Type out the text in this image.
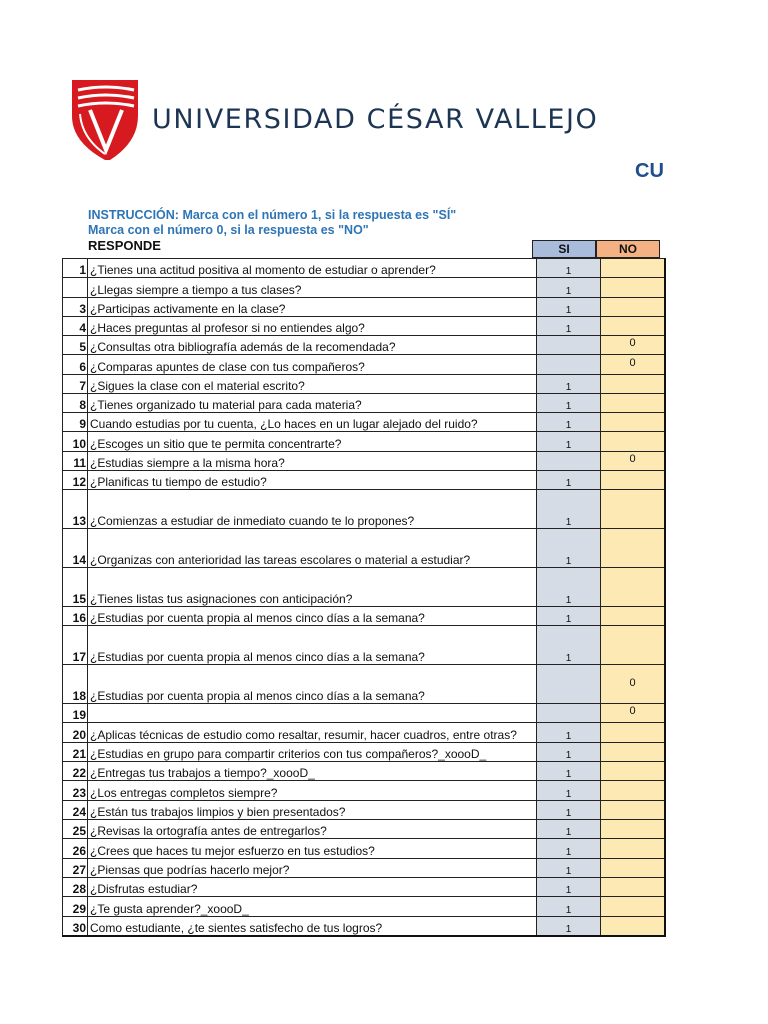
UNIVERSIDAD CÉSAR VALLEJO
CU
INSTRUCCIÓN: Marca con el número 1, si la respuesta es "SÍ"
Marca con el número 0, si la respuesta es "NO"
RESPONDE	SI	NO
1	¿Tienes una actitud positiva al momento de estudiar o aprender?	1	
	¿Llegas siempre a tiempo a tus clases?	1	
3	¿Participas activamente en la clase?	1	
4	¿Haces preguntas al profesor si no entiendes algo?	1	
5	¿Consultas otra bibliografía además de la recomendada?		0
6	¿Comparas apuntes de clase con tus compañeros?		0
7	¿Sigues la clase con el material escrito?	1	
8	¿Tienes organizado tu material para cada materia?	1	
9	Cuando estudias por tu cuenta, ¿Lo haces en un lugar alejado del ruido?	1	
10	¿Escoges un sitio que te permita concentrarte?	1	
11	¿Estudias siempre a la misma hora?		0
12	¿Planificas tu tiempo de estudio?	1	
13	¿Comienzas a estudiar de inmediato cuando te lo propones?	1	
14	¿Organizas con anterioridad las tareas escolares o material a estudiar?	1	
15	¿Tienes listas tus asignaciones con anticipación?	1	
16	¿Estudias por cuenta propia al menos cinco días a la semana?	1	
17	¿Estudias por cuenta propia al menos cinco días a la semana?	1	
18	¿Estudias por cuenta propia al menos cinco días a la semana?		0
19			0
20	¿Aplicas técnicas de estudio como resaltar, resumir, hacer cuadros, entre otras?	1	
21	¿Estudias en grupo para compartir criterios con tus compañeros?_xoooD_	1	
22	¿Entregas tus trabajos a tiempo?_xoooD_	1	
23	¿Los entregas completos siempre?	1	
24	¿Están tus trabajos limpios y bien presentados?	1	
25	¿Revisas la ortografía antes de entregarlos?	1	
26	¿Crees que haces tu mejor esfuerzo en tus estudios?	1	
27	¿Piensas que podrías hacerlo mejor?	1	
28	¿Disfrutas estudiar?	1	
29	¿Te gusta aprender?_xoooD_	1	
30	Como estudiante, ¿te sientes satisfecho de tus logros?	1	
